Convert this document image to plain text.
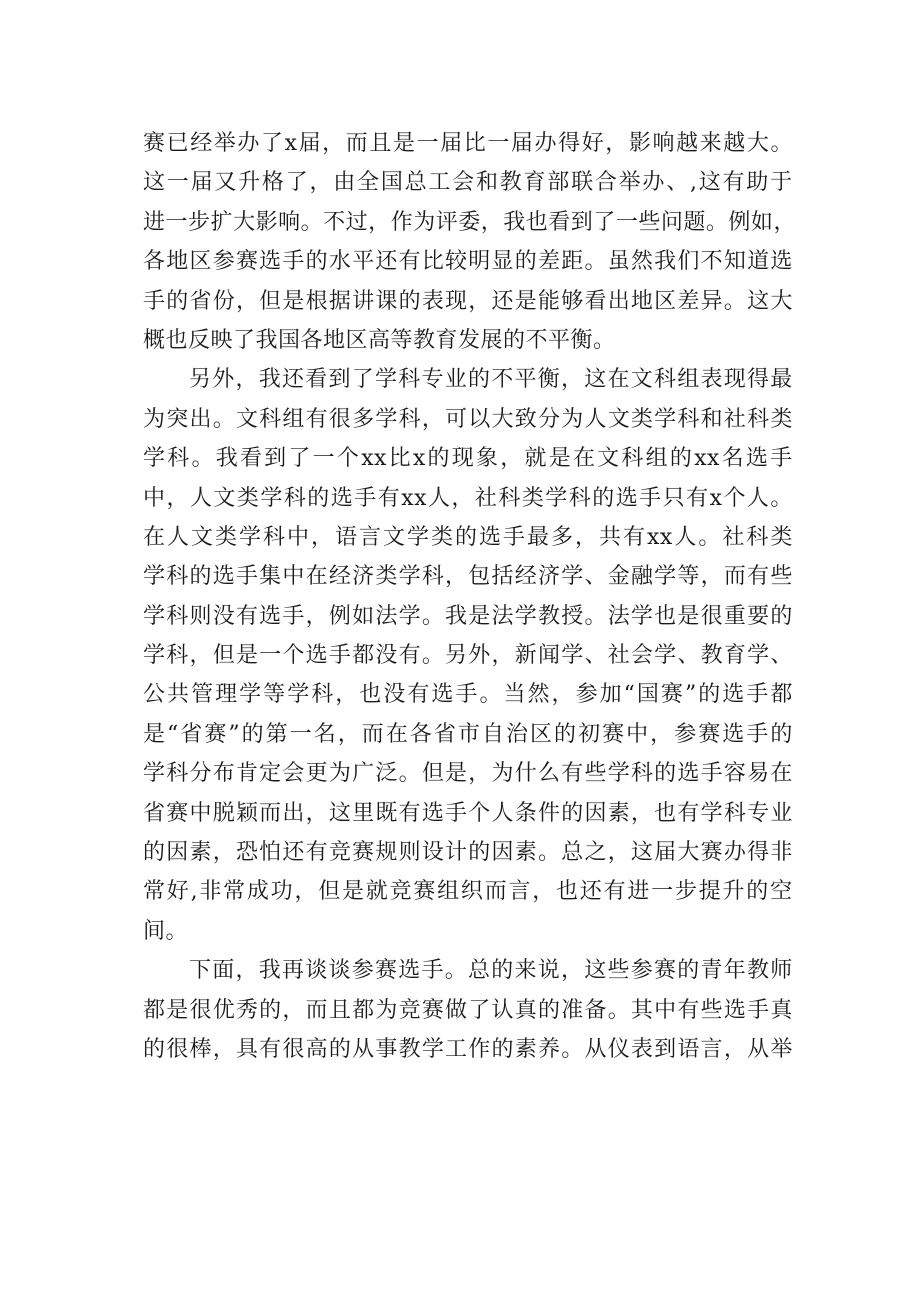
赛 已 经 举 办 了 x 届 ， 而 且 是 一 届 比 一 届 办 得 好 ， 影 响 越 来 越 大 。
这 一 届 又 升 格 了 ， 由 全 国 总 工 会 和 教 育 部 联 合 举 办 、 , 这 有 助 于
进 一 步 扩 大 影 响 。 不 过 ， 作 为 评 委 ， 我 也 看 到 了 一 些 问 题 。 例 如 ，
各 地 区 参 赛 选 手 的 水 平 还 有 比 较 明 显 的 差 距 。 虽 然 我 们 不 知 道 选
手 的 省 份 ， 但 是 根 据 讲 课 的 表 现 ， 还 是 能 够 看 出 地 区 差 异 。 这 大
概也反映了我国各地区高等教育发展的不平衡。
另 外 ， 我 还 看 到 了 学 科 专 业 的 不 平 衡 ， 这 在 文 科 组 表 现 得 最
为 突 出 。 文 科 组 有 很 多 学 科 ， 可 以 大 致 分 为 人 文 类 学 科 和 社 科 类
学 科 。 我 看 到 了 一 个 xx 比 x 的 现 象 ， 就 是 在 文 科 组 的 xx 名 选 手
中 ， 人 文 类 学 科 的 选 手 有 xx 人 ， 社 科 类 学 科 的 选 手 只 有 x 个 人 。
在 人 文 类 学 科 中 ， 语 言 文 学 类 的 选 手 最 多 ， 共 有 xx 人 。 社 科 类
学 科 的 选 手 集 中 在 经 济 类 学 科 ， 包 括 经 济 学 、 金 融 学 等 ， 而 有 些
学 科 则 没 有 选 手 ， 例 如 法 学 。 我 是 法 学 教 授 。 法 学 也 是 很 重 要 的
学 科 ， 但 是 一 个 选 手 都 没 有 。 另 外 ， 新 闻 学 、 社 会 学 、 教 育 学 、
公 共 管 理 学 等 学 科 ， 也 没 有 选 手 。 当 然 ， 参 加 “ 国 赛 ” 的 选 手 都
是 “ 省 赛 ” 的 第 一 名 ， 而 在 各 省 市 自 治 区 的 初 赛 中 ， 参 赛 选 手 的
学 科 分 布 肯 定 会 更 为 广 泛 。 但 是 ， 为 什 么 有 些 学 科 的 选 手 容 易 在
省 赛 中 脱 颖 而 出 ， 这 里 既 有 选 手 个 人 条 件 的 因 素 ， 也 有 学 科 专 业
的 因 素 ， 恐 怕 还 有 竞 赛 规 则 设 计 的 因 素 。 总 之 ， 这 届 大 赛 办 得 非
常 好 , 非 常 成 功 ， 但 是 就 竞 赛 组 织 而 言 ， 也 还 有 进 一 步 提 升 的 空
间。
下 面 ， 我 再 谈 谈 参 赛 选 手 。 总 的 来 说 ， 这 些 参 赛 的 青 年 教 师
都 是 很 优 秀 的 ， 而 且 都 为 竞 赛 做 了 认 真 的 准 备 。 其 中 有 些 选 手 真
的 很 棒 ， 具 有 很 高 的 从 事 教 学 工 作 的 素 养 。 从 仪 表 到 语 言 ， 从 举
